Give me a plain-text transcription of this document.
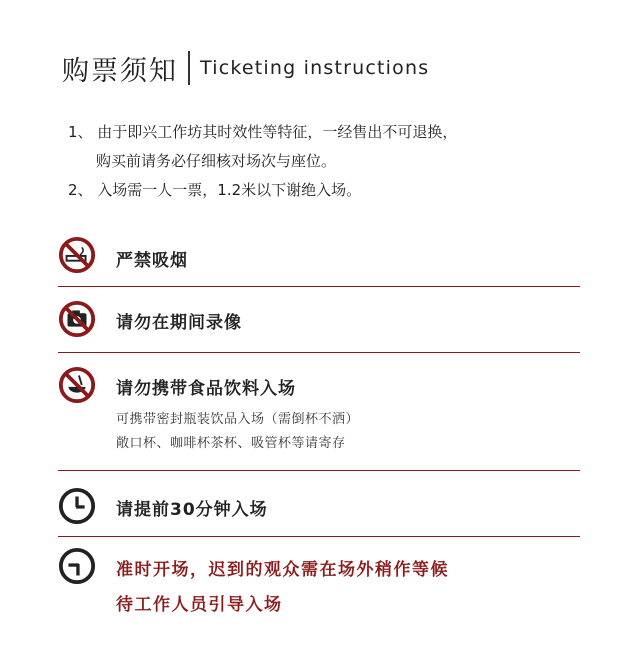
购票须知 Ticketing instructions
1、 由于即兴工作坊其时效性等特征，一经售出不可退换，
购买前请务必仔细核对场次与座位。
2、 入场需一人一票，1.2米以下谢绝入场。
严禁吸烟
请勿在期间录像
请勿携带食品饮料入场
可携带密封瓶装饮品入场（需倒杯不洒）
敞口杯、咖啡杯茶杯、吸管杯等请寄存
请提前30分钟入场
准时开场，迟到的观众需在场外稍作等候
待工作人员引导入场
